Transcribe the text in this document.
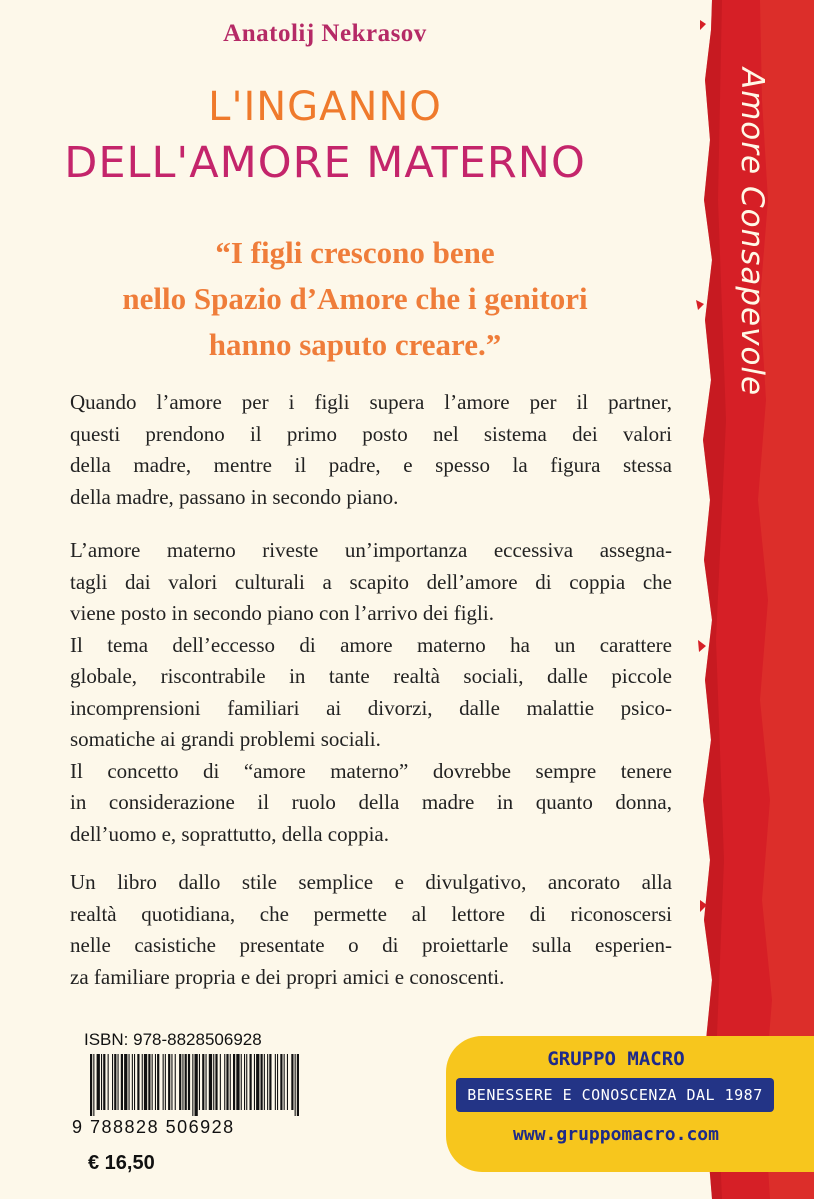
Amore Consapevole
Anatolij Nekrasov
L'INGANNO
DELL'AMORE MATERNO
“I figli crescono bene
nello Spazio d’Amore che i genitori
hanno saputo creare.”
Quando l’amore per i figli supera l’amore per il partner,
questi prendono il primo posto nel sistema dei valori
della madre, mentre il padre, e spesso la figura stessa
della madre, passano in secondo piano.
L’amore materno riveste un’importanza eccessiva assegna-
tagli dai valori culturali a scapito dell’amore di coppia che
viene posto in secondo piano con l’arrivo dei figli.
Il tema dell’eccesso di amore materno ha un carattere
globale, riscontrabile in tante realtà sociali, dalle piccole
incomprensioni familiari ai divorzi, dalle malattie psico-
somatiche ai grandi problemi sociali.
Il concetto di “amore materno” dovrebbe sempre tenere
in considerazione il ruolo della madre in quanto donna,
dell’uomo e, soprattutto, della coppia.
Un libro dallo stile semplice e divulgativo, ancorato alla
realtà quotidiana, che permette al lettore di riconoscersi
nelle casistiche presentate o di proiettarle sulla esperien-
za familiare propria e dei propri amici e conoscenti.
ISBN: 978-8828506928
9 788828 506928
€ 16,50
GRUPPO MACRO
BENESSERE E CONOSCENZA DAL 1987
www.gruppomacro.com
